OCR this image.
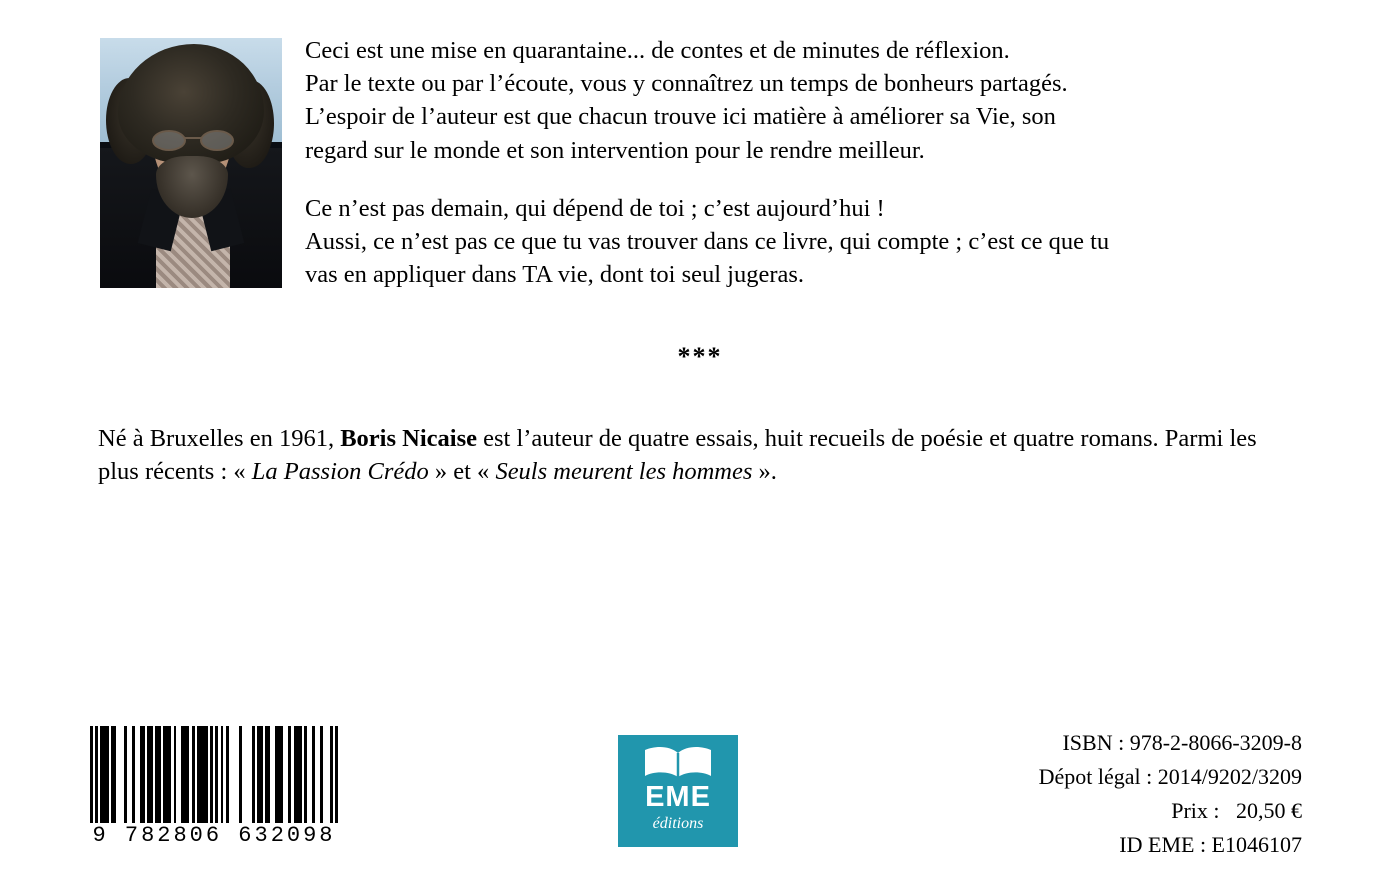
Ceci est une mise en quarantaine... de contes et de minutes de réflexion.

Par le texte ou par l’écoute, vous y connaîtrez un temps de bonheurs partagés.

L’espoir de l’auteur est que chacun trouve ici matière à améliorer sa Vie, son

regard sur le monde et son intervention pour le rendre meilleur.

Ce n’est pas demain, qui dépend de toi ; c’est aujourd’hui !

Aussi, ce n’est pas ce que tu vas trouver dans ce livre, qui compte ; c’est ce que tu

vas en appliquer dans TA vie, dont toi seul jugeras.

***
Né à Bruxelles en 1961, Boris Nicaise est l’auteur de quatre essais, huit recueils de poésie et quatre romans. Parmi les plus récents : « La Passion Crédo » et « Seuls meurent les hommes ».
9 782806 632098
EME
éditions
ISBN : 978-2-8066-3209-8
Dépot légal : 2014/9202/3209
Prix :   20,50 €
ID EME : E1046107
